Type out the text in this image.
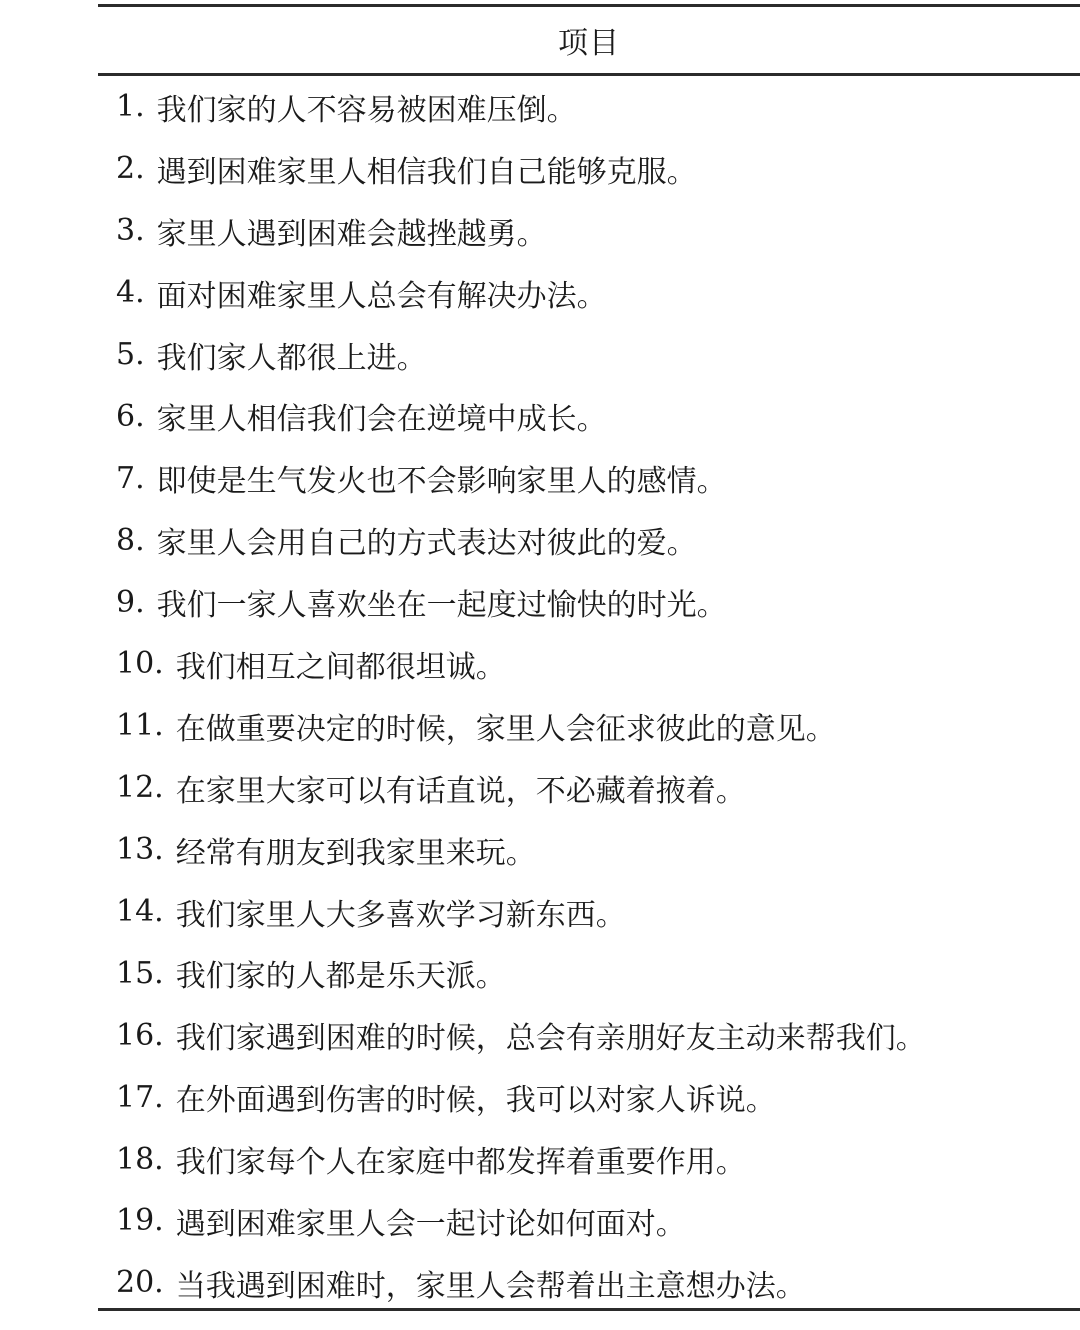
项目
1. 我们家的人不容易被困难压倒。
2. 遇到困难家里人相信我们自己能够克服。
3. 家里人遇到困难会越挫越勇。
4. 面对困难家里人总会有解决办法。
5. 我们家人都很上进。
6. 家里人相信我们会在逆境中成长。
7. 即使是生气发火也不会影响家里人的感情。
8. 家里人会用自己的方式表达对彼此的爱。
9. 我们一家人喜欢坐在一起度过愉快的时光。
10. 我们相互之间都很坦诚。
11. 在做重要决定的时候，家里人会征求彼此的意见。
12. 在家里大家可以有话直说，不必藏着掖着。
13. 经常有朋友到我家里来玩。
14. 我们家里人大多喜欢学习新东西。
15. 我们家的人都是乐天派。
16. 我们家遇到困难的时候，总会有亲朋好友主动来帮我们。
17. 在外面遇到伤害的时候，我可以对家人诉说。
18. 我们家每个人在家庭中都发挥着重要作用。
19. 遇到困难家里人会一起讨论如何面对。
20. 当我遇到困难时，家里人会帮着出主意想办法。
